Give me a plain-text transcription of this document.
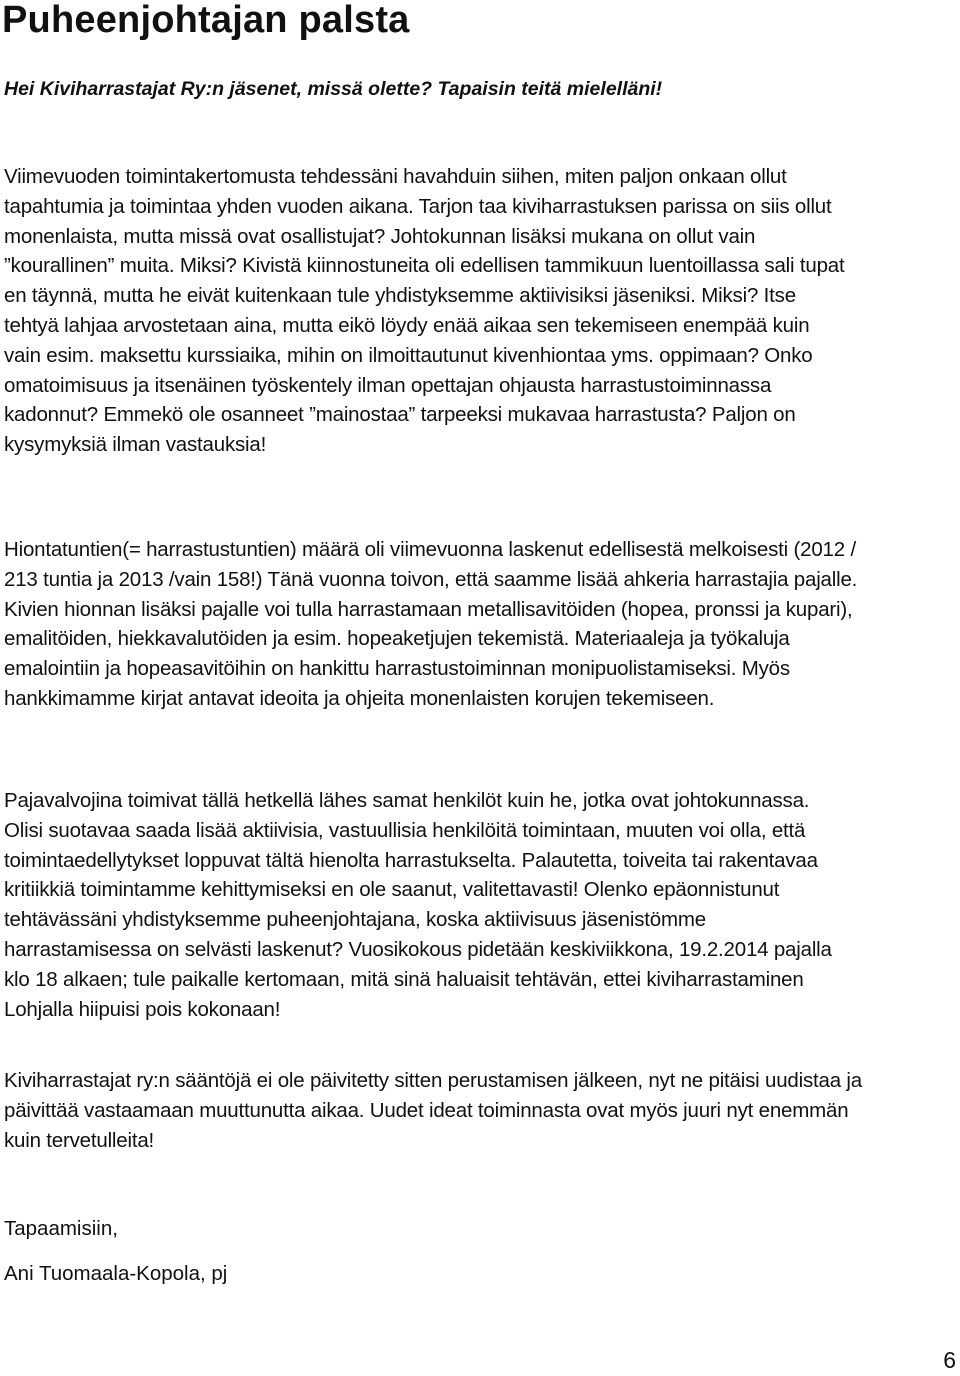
Puheenjohtajan palsta

Hei Kiviharrastajat Ry:n jäsenet, missä olette? Tapaisin teitä mielelläni!

Viimevuoden toimintakertomusta tehdessäni havahduin siihen, miten paljon onkaan ollut tapahtumia ja toimintaa yhden vuoden aikana. Tarjon taa kiviharrastuksen parissa on siis ollut monenlaista, mutta missä ovat osallistujat? Johtokunnan lisäksi mukana on ollut vain ”kourallinen” muita. Miksi? Kivistä kiinnostuneita oli edellisen tammikuun luentoillassa sali tupat en täynnä, mutta he eivät kuitenkaan tule yhdistyksemme aktiivisiksi jäseniksi. Miksi? Itse tehtyä lahjaa arvostetaan aina, mutta eikö löydy enää aikaa sen tekemiseen enempää kuin vain esim. maksettu kurssiaika, mihin on ilmoittautunut kivenhiontaa yms. oppimaan? Onko omatoimisuus ja itsenäinen työskentely ilman opettajan ohjausta harrastustoiminnassa kadonnut? Emmekö ole osanneet ”mainostaa” tarpeeksi mukavaa harrastusta? Paljon on kysymyksiä ilman vastauksia!

Hiontatuntien(= harrastustuntien) määrä oli viimevuonna laskenut edellisestä melkoisesti (2012 / 213 tuntia ja 2013 /vain 158!) Tänä vuonna toivon, että saamme lisää ahkeria harrastajia pajalle. Kivien hionnan lisäksi pajalle voi tulla harrastamaan metallisavitöiden (hopea, pronssi ja kupari), emalitöiden, hiekkavalutöiden ja esim. hopeaketjujen tekemistä. Materiaaleja ja työkaluja emalointiin ja hopeasavitöihin on hankittu harrastustoiminnan monipuolistamiseksi. Myös hankkimamme kirjat antavat ideoita ja ohjeita monenlaisten korujen tekemiseen.

Pajavalvojina toimivat tällä hetkellä lähes samat henkilöt kuin he, jotka ovat johtokunnassa. Olisi suotavaa saada lisää aktiivisia, vastuullisia henkilöitä toimintaan, muuten voi olla, että toimintaedellytykset loppuvat tältä hienolta harrastukselta. Palautetta, toiveita tai rakentavaa kritiikkiä toimintamme kehittymiseksi en ole saanut, valitettavasti! Olenko epäonnistunut tehtävässäni yhdistyksemme puheenjohtajana, koska aktiivisuus jäsenistömme harrastamisessa on selvästi laskenut? Vuosikokous pidetään keskiviikkona, 19.2.2014 pajalla klo 18 alkaen; tule paikalle kertomaan, mitä sinä haluaisit tehtävän, ettei kiviharrastaminen Lohjalla hiipuisi pois kokonaan!

Kiviharrastajat ry:n sääntöjä ei ole päivitetty sitten perustamisen jälkeen, nyt ne pitäisi uudistaa ja päivittää vastaamaan muuttunutta aikaa. Uudet ideat toiminnasta ovat myös juuri nyt enemmän kuin tervetulleita!

Tapaamisiin,

Ani Tuomaala-Kopola, pj

6
